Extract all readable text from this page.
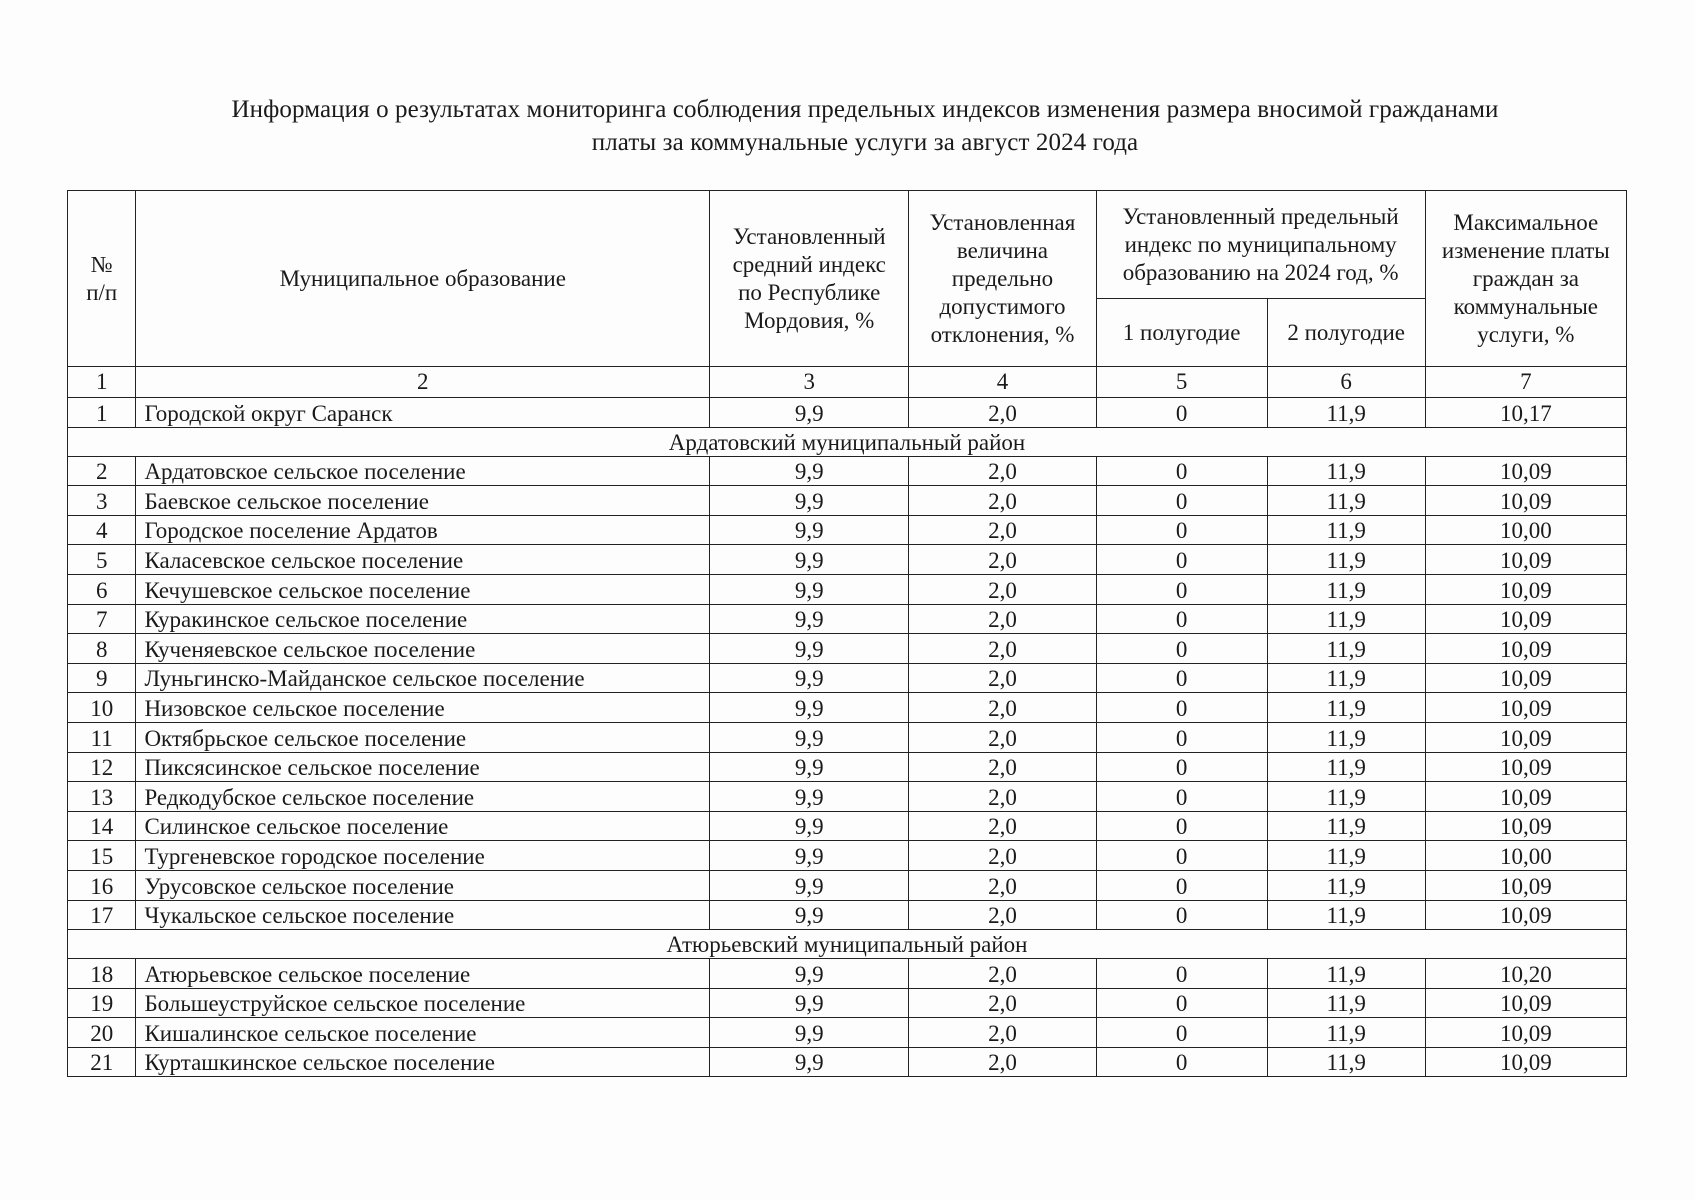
Информация о результатах мониторинга соблюдения предельных индексов изменения размера вносимой гражданами
платы за коммунальные услуги за август 2024 года
№ п/п	Муниципальное образование	Установленный средний индекс по Республике Мордовия, %	Установленная величина предельно допустимого отклонения, %	Установленный предельный индекс по муниципальному образованию на 2024 год, %		Максимальное изменение платы граждан за коммунальные услуги, %
				1 полугодие	2 полугодие	
1	2	3	4	5	6	7
1	Городской округ Саранск	9,9	2,0	0	11,9	10,17
Ардатовский муниципальный район						
2	Ардатовское сельское поселение	9,9	2,0	0	11,9	10,09
3	Баевское сельское поселение	9,9	2,0	0	11,9	10,09
4	Городское поселение Ардатов	9,9	2,0	0	11,9	10,00
5	Каласевское сельское поселение	9,9	2,0	0	11,9	10,09
6	Кечушевское сельское поселение	9,9	2,0	0	11,9	10,09
7	Куракинское сельское поселение	9,9	2,0	0	11,9	10,09
8	Кученяевское сельское поселение	9,9	2,0	0	11,9	10,09
9	Луньгинско-Майданское сельское поселение	9,9	2,0	0	11,9	10,09
10	Низовское сельское поселение	9,9	2,0	0	11,9	10,09
11	Октябрьское сельское поселение	9,9	2,0	0	11,9	10,09
12	Пиксясинское сельское поселение	9,9	2,0	0	11,9	10,09
13	Редкодубское сельское поселение	9,9	2,0	0	11,9	10,09
14	Силинское сельское поселение	9,9	2,0	0	11,9	10,09
15	Тургеневское городское поселение	9,9	2,0	0	11,9	10,00
16	Урусовское сельское поселение	9,9	2,0	0	11,9	10,09
17	Чукальское сельское поселение	9,9	2,0	0	11,9	10,09
Атюрьевский муниципальный район						
18	Атюрьевское сельское поселение	9,9	2,0	0	11,9	10,20
19	Большеуструйское сельское поселение	9,9	2,0	0	11,9	10,09
20	Кишалинское сельское поселение	9,9	2,0	0	11,9	10,09
21	Курташкинское сельское поселение	9,9	2,0	0	11,9	10,09
